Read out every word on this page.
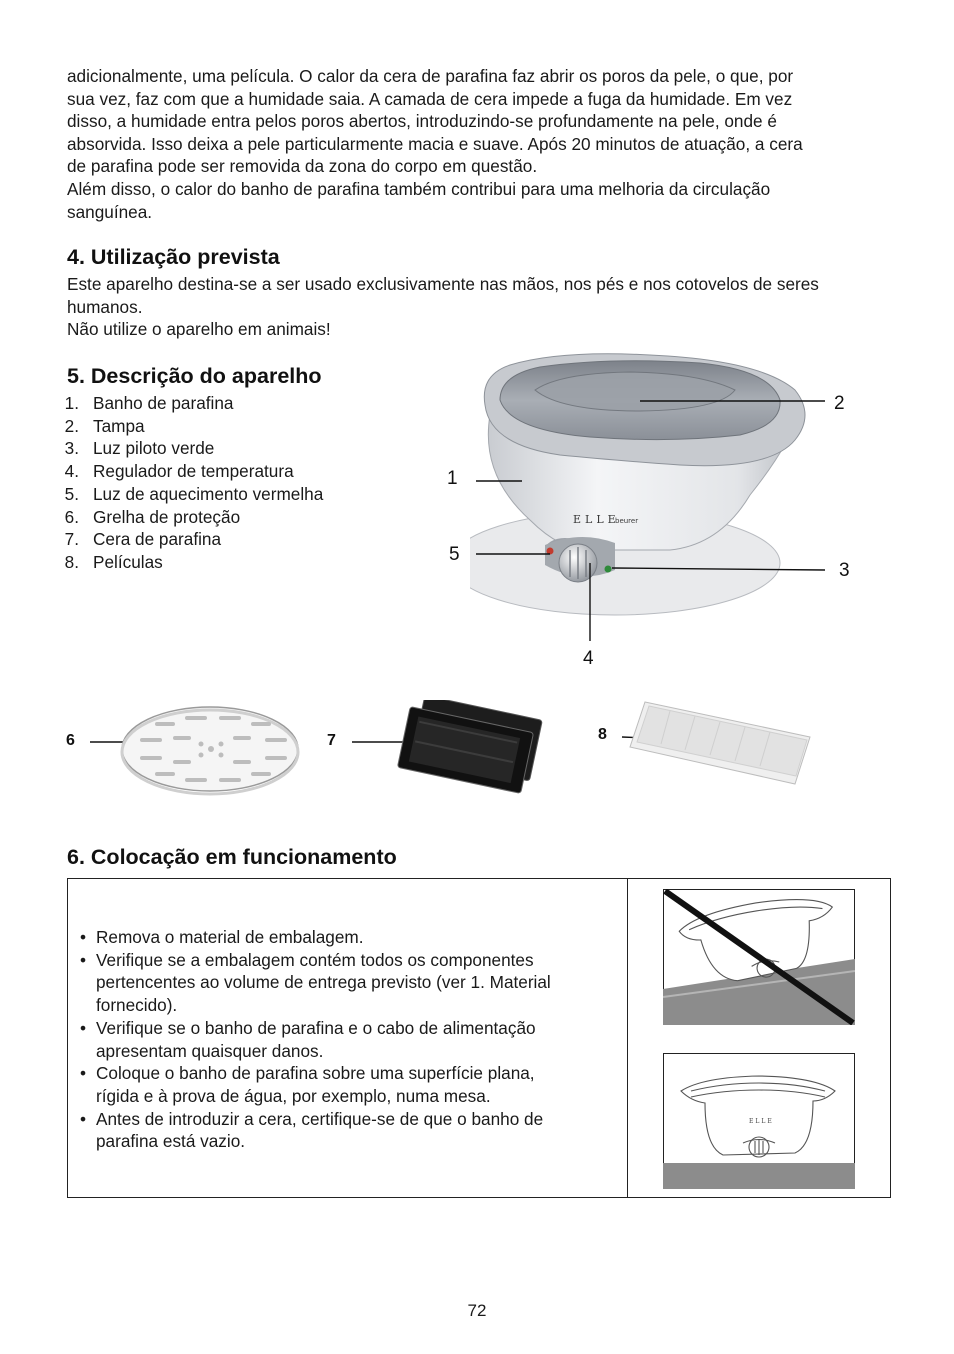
adicionalmente, uma película. O calor da cera de parafina faz abrir os poros da pele, o que, por

sua vez, faz com que a humidade saia. A camada de cera impede a fuga da humidade. Em vez

disso, a humidade entra pelos poros abertos, introduzindo-se profundamente na pele, onde é

absorvida. Isso deixa a pele particularmente macia e suave. Após 20 minutos de atuação, a cera

de parafina pode ser removida da zona do corpo em questão.

Além disso, o calor do banho de parafina também contribui para uma melhoria da circulação

sanguínea.

4. Utilização prevista

Este aparelho destina-se a ser usado exclusivamente nas mãos, nos pés e nos cotovelos de seres

humanos.

Não utilize o aparelho em animais!

5. Descrição do aparelho
1. Banho de parafina
2. Tampa
3. Luz piloto verde
4. Regulador de temperatura
5. Luz de aquecimento vermelha
6. Grelha de proteção
7. Cera de parafina
8. Películas
ELLE
beurer
1
2
3
4
5
6	7	8
6. Colocação em funcionamento
• Remova o material de embalagem.
• Verifique se a embalagem contém todos os componentes
pertencentes ao volume de entrega previsto (ver 1. Material
fornecido).
• Verifique se o banho de parafina e o cabo de alimentação
apresentam quaisquer danos.
• Coloque o banho de parafina sobre uma superfície plana,
rígida e à prova de água, por exemplo, numa mesa.
• Antes de introduzir a cera, certifique-se de que o banho de
parafina está vazio.
ELLE
72
